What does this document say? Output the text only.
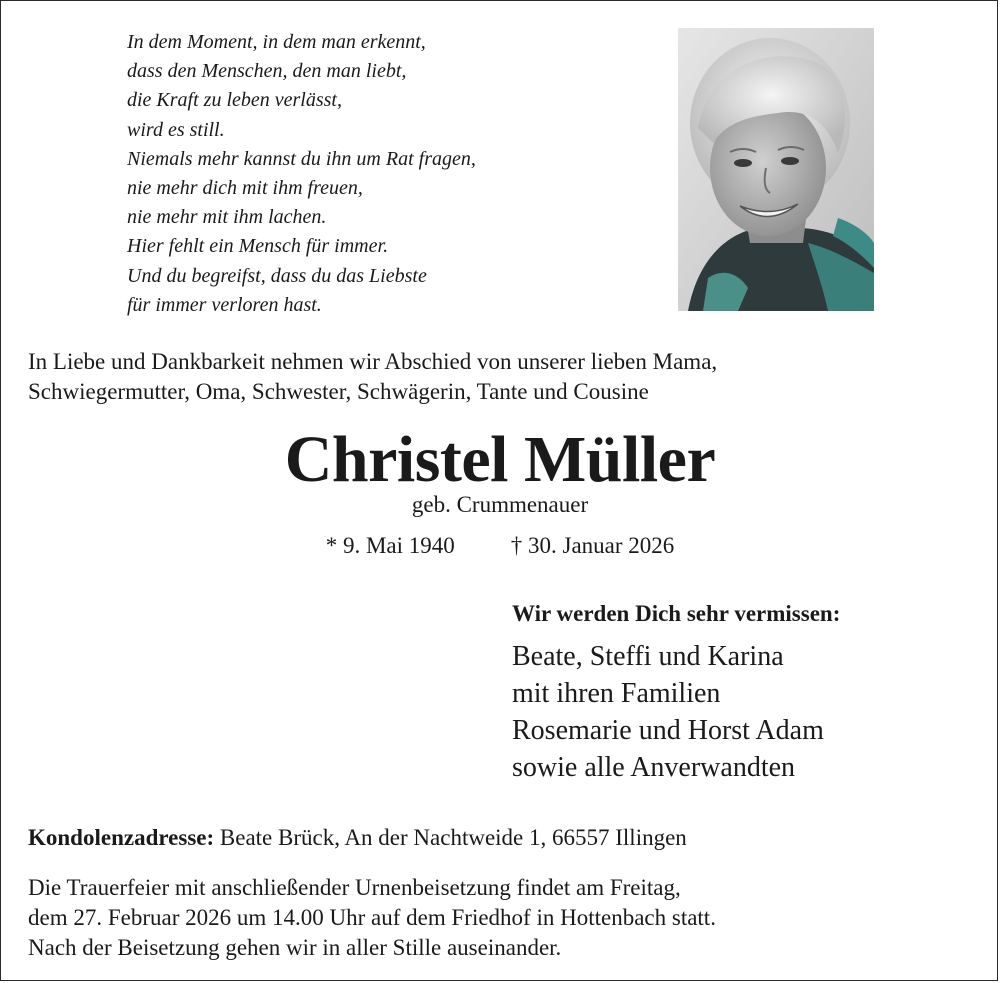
In dem Moment, in dem man erkennt,
dass den Menschen, den man liebt,
die Kraft zu leben verlässt,
wird es still.
Niemals mehr kannst du ihn um Rat fragen,
nie mehr dich mit ihm freuen,
nie mehr mit ihm lachen.
Hier fehlt ein Mensch für immer.
Und du begreifst, dass du das Liebste
für immer verloren hast.
In Liebe und Dankbarkeit nehmen wir Abschied von unserer lieben Mama,
Schwiegermutter, Oma, Schwester, Schwägerin, Tante und Cousine
Christel Müller
geb. Crummenauer
* 9. Mai 1940 † 30. Januar 2026
Wir werden Dich sehr vermissen:
Beate, Steffi und Karina
mit ihren Familien
Rosemarie und Horst Adam
sowie alle Anverwandten
Kondolenzadresse: Beate Brück, An der Nachtweide 1, 66557 Illingen
Die Trauerfeier mit anschließender Urnenbeisetzung findet am Freitag,
dem 27. Februar 2026 um 14.00 Uhr auf dem Friedhof in Hottenbach statt.
Nach der Beisetzung gehen wir in aller Stille auseinander.
